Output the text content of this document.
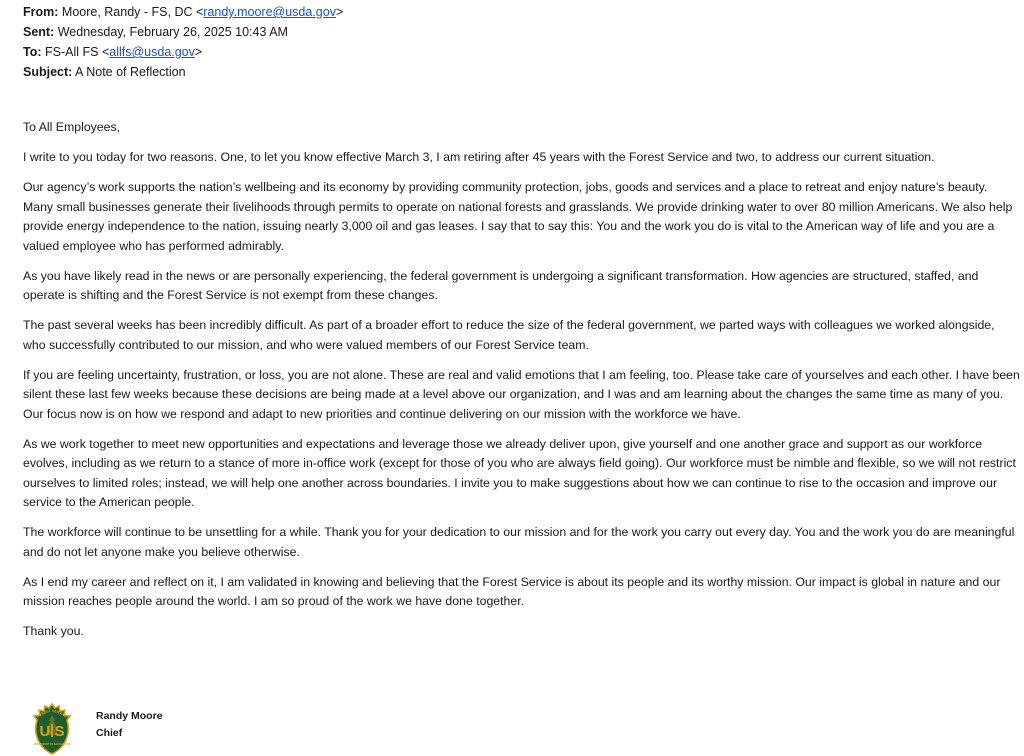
From: Moore, Randy - FS, DC <randy.moore@usda.gov>
Sent: Wednesday, February 26, 2025 10:43 AM
To: FS-All FS <allfs@usda.gov>
Subject: A Note of Reflection

To All Employees,

I write to you today for two reasons. One, to let you know effective March 3, I am retiring after 45 years with the Forest Service and two, to address our current situation.

Our agency’s work supports the nation’s wellbeing and its economy by providing community protection, jobs, goods and services and a place to retreat and enjoy nature’s beauty. Many small businesses generate their livelihoods through permits to operate on national forests and grasslands. We provide drinking water to over 80 million Americans. We also help provide energy independence to the nation, issuing nearly 3,000 oil and gas leases. I say that to say this: You and the work you do is vital to the American way of life and you are a valued employee who has performed admirably.

As you have likely read in the news or are personally experiencing, the federal government is undergoing a significant transformation. How agencies are structured, staffed, and operate is shifting and the Forest Service is not exempt from these changes.

The past several weeks has been incredibly difficult. As part of a broader effort to reduce the size of the federal government, we parted ways with colleagues we worked alongside, who successfully contributed to our mission, and who were valued members of our Forest Service team.

If you are feeling uncertainty, frustration, or loss, you are not alone. These are real and valid emotions that I am feeling, too. Please take care of yourselves and each other. I have been silent these last few weeks because these decisions are being made at a level above our organization, and I was and am learning about the changes the same time as many of you. Our focus now is on how we respond and adapt to new priorities and continue delivering on our mission with the workforce we have.

As we work together to meet new opportunities and expectations and leverage those we already deliver upon, give yourself and one another grace and support as our workforce evolves, including as we return to a stance of more in-office work (except for those of you who are always field going). Our workforce must be nimble and flexible, so we will not restrict ourselves to limited roles; instead, we will help one another across boundaries. I invite you to make suggestions about how we can continue to rise to the occasion and improve our service to the American people.

The workforce will continue to be unsettling for a while. Thank you for your dedication to our mission and for the work you carry out every day. You and the work you do are meaningful and do not let anyone make you believe otherwise.

As I end my career and reflect on it, I am validated in knowing and believing that the Forest Service is about its people and its worthy mission. Our impact is global in nature and our mission reaches people around the world. I am so proud of the work we have done together.

Thank you.

FOREST SERVICE
U S
DEPARTMENT OF AGRICULTURE
Randy Moore
Chief
